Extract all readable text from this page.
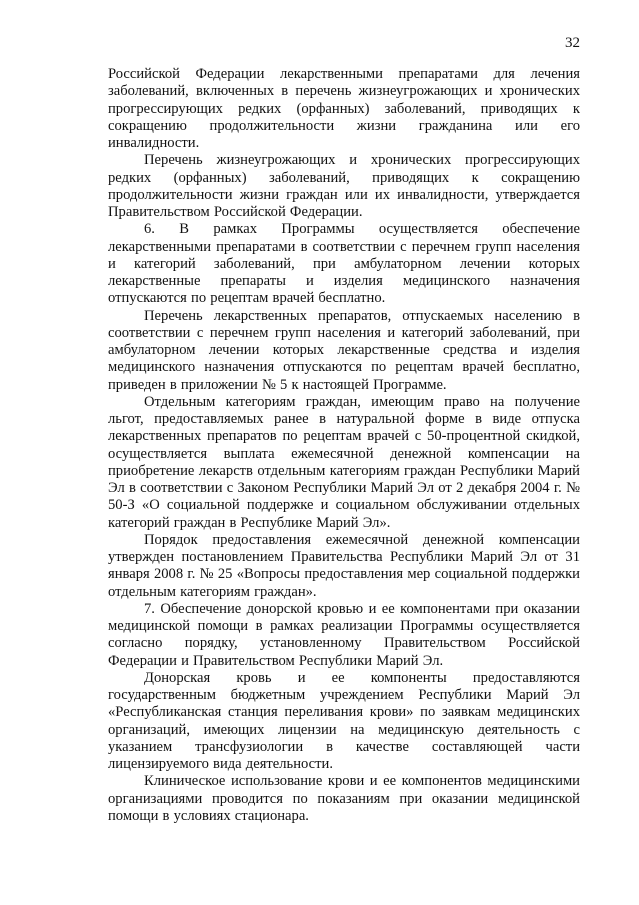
32

Российской Федерации лекарственными препаратами для лечения заболеваний, включенных в перечень жизнеугрожающих и хронических прогрессирующих редких (орфанных) заболеваний, приводящих к сокращению продолжительности жизни гражданина или его инвалидности.

Перечень жизнеугрожающих и хронических прогрессирующих редких (орфанных) заболеваний, приводящих к сокращению продолжительности жизни граждан или их инвалидности, утверждается Правительством Российской Федерации.

6. В рамках Программы осуществляется обеспечение лекарственными препаратами в соответствии с перечнем групп населения и категорий заболеваний, при амбулаторном лечении которых лекарственные препараты и изделия медицинского назначения отпускаются по рецептам врачей бесплатно.

Перечень лекарственных препаратов, отпускаемых населению в соответствии с перечнем групп населения и категорий заболеваний, при амбулаторном лечении которых лекарственные средства и изделия медицинского назначения отпускаются по рецептам врачей бесплатно, приведен в приложении № 5 к настоящей Программе.

Отдельным категориям граждан, имеющим право на получение льгот, предоставляемых ранее в натуральной форме в виде отпуска лекарственных препаратов по рецептам врачей с 50-процентной скидкой, осуществляется выплата ежемесячной денежной компенсации на приобретение лекарств отдельным категориям граждан Республики Марий Эл в соответствии с Законом Республики Марий Эл от 2 декабря 2004 г. № 50-З «О социальной поддержке и социальном обслуживании отдельных категорий граждан в Республике Марий Эл».

Порядок предоставления ежемесячной денежной компенсации утвержден постановлением Правительства Республики Марий Эл от 31 января 2008 г. № 25 «Вопросы предоставления мер социальной поддержки отдельным категориям граждан».

7. Обеспечение донорской кровью и ее компонентами при оказании медицинской помощи в рамках реализации Программы осуществляется согласно порядку, установленному Правительством Российской Федерации и Правительством Республики Марий Эл.

Донорская кровь и ее компоненты предоставляются государственным бюджетным учреждением Республики Марий Эл «Республиканская станция переливания крови» по заявкам медицинских организаций, имеющих лицензии на медицинскую деятельность с указанием трансфузиологии в качестве составляющей части лицензируемого вида деятельности.

Клиническое использование крови и ее компонентов медицинскими организациями проводится по показаниям при оказании медицинской помощи в условиях стационара.
